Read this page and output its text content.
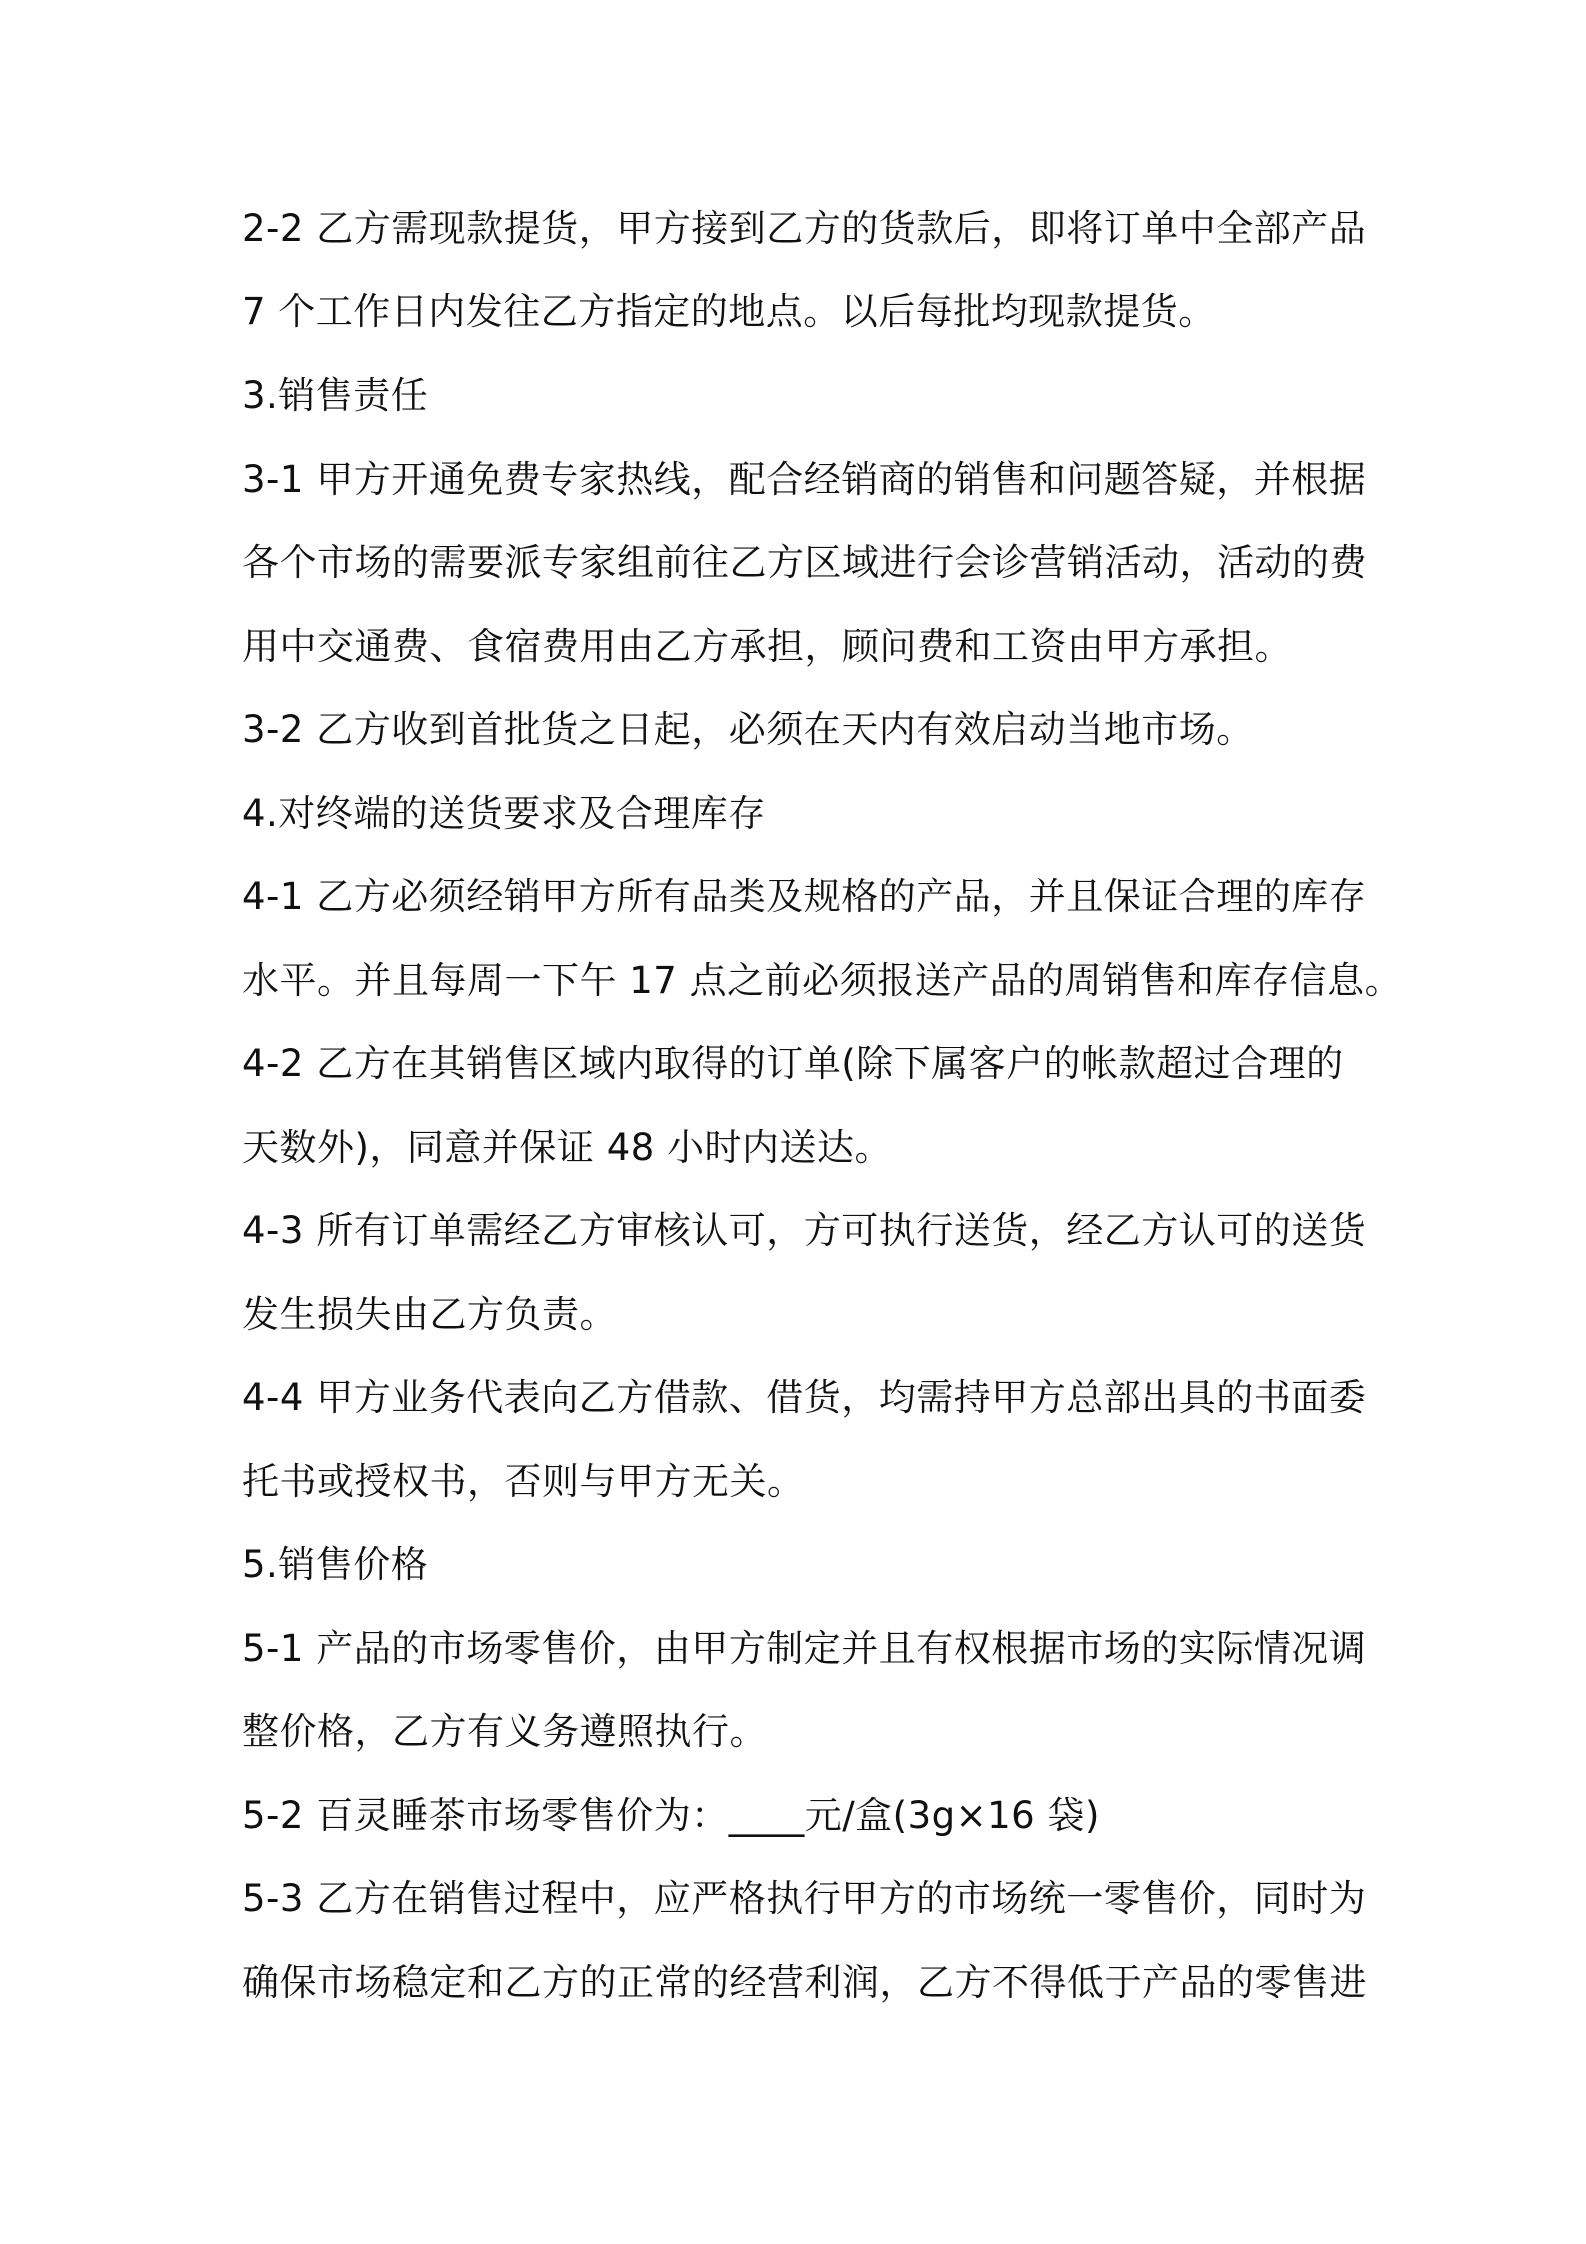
2-2 乙方需现款提货，甲方接到乙方的货款后，即将订单中全部产品
7 个工作日内发往乙方指定的地点。以后每批均现款提货。
3.销售责任
3-1 甲方开通免费专家热线，配合经销商的销售和问题答疑，并根据
各个市场的需要派专家组前往乙方区域进行会诊营销活动，活动的费
用中交通费、食宿费用由乙方承担，顾问费和工资由甲方承担。
3-2 乙方收到首批货之日起，必须在天内有效启动当地市场。
4.对终端的送货要求及合理库存
4-1 乙方必须经销甲方所有品类及规格的产品，并且保证合理的库存
水平。并且每周一下午 17 点之前必须报送产品的周销售和库存信息。
4-2 乙方在其销售区域内取得的订单(除下属客户的帐款超过合理的
天数外)，同意并保证 48 小时内送达。
4-3 所有订单需经乙方审核认可，方可执行送货，经乙方认可的送货
发生损失由乙方负责。
4-4 甲方业务代表向乙方借款、借货，均需持甲方总部出具的书面委
托书或授权书，否则与甲方无关。
5.销售价格
5-1 产品的市场零售价，由甲方制定并且有权根据市场的实际情况调
整价格，乙方有义务遵照执行。
5-2 百灵睡茶市场零售价为：____元/盒(3g×16 袋)
5-3 乙方在销售过程中，应严格执行甲方的市场统一零售价，同时为
确保市场稳定和乙方的正常的经营利润，乙方不得低于产品的零售进
